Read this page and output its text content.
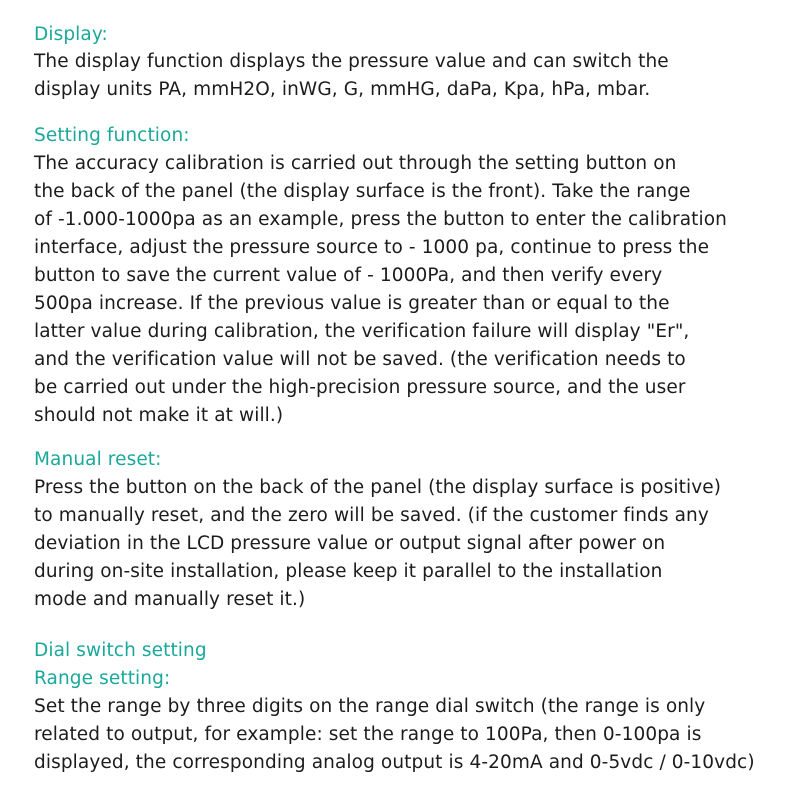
Display:

The display function displays the pressure value and can switch the

display units PA, mmH2O, inWG, G, mmHG, daPa, Kpa, hPa, mbar.

Setting function:

The accuracy calibration is carried out through the setting button on

the back of the panel (the display surface is the front). Take the range

of -1.000-1000pa as an example, press the button to enter the calibration

interface, adjust the pressure source to - 1000 pa, continue to press the

button to save the current value of - 1000Pa, and then verify every

500pa increase. If the previous value is greater than or equal to the

latter value during calibration, the verification failure will display "Er",

and the verification value will not be saved. (the verification needs to

be carried out under the high-precision pressure source, and the user

should not make it at will.)

Manual reset:

Press the button on the back of the panel (the display surface is positive)

to manually reset, and the zero will be saved. (if the customer finds any

deviation in the LCD pressure value or output signal after power on

during on-site installation, please keep it parallel to the installation

mode and manually reset it.)

Dial switch setting

Range setting:

Set the range by three digits on the range dial switch (the range is only

related to output, for example: set the range to 100Pa, then 0-100pa is

displayed, the corresponding analog output is 4-20mA and 0-5vdc / 0-10vdc)
